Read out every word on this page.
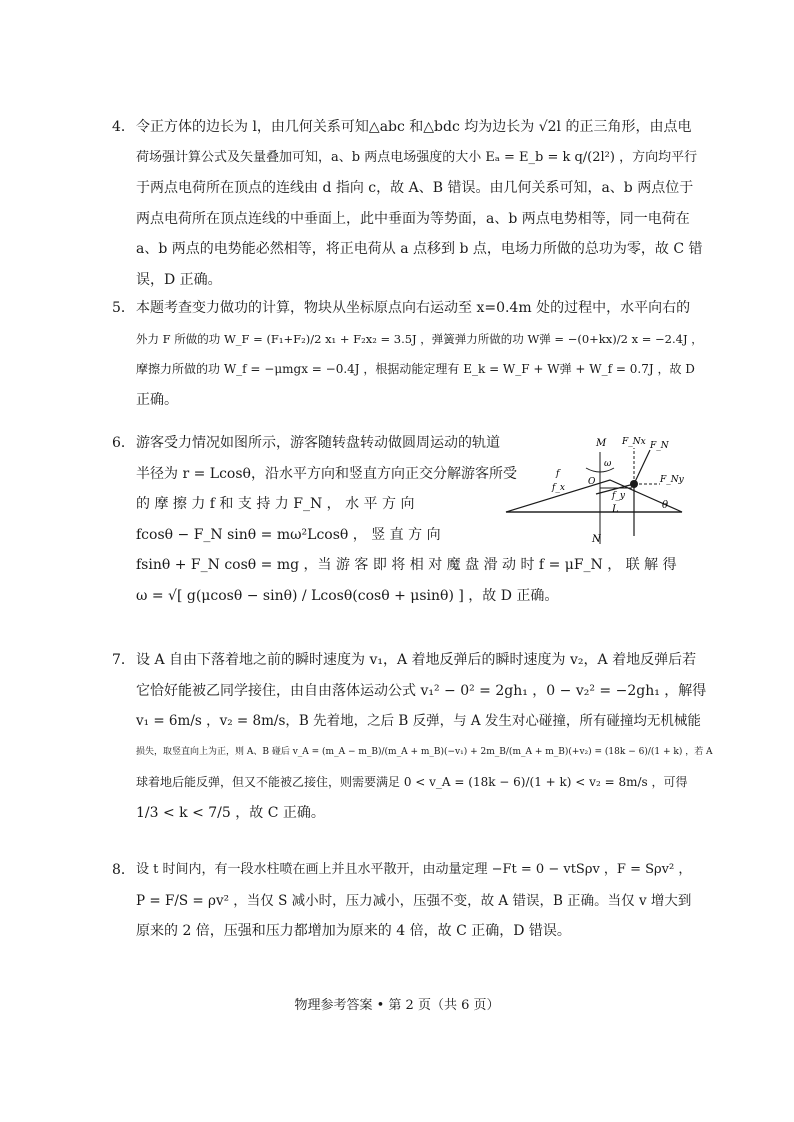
4． 令正方体的边长为 l，由几何关系可知△abc 和△bdc 均为边长为 √2l 的正三角形，由点电
荷场强计算公式及矢量叠加可知，a、b 两点电场强度的大小 Eₐ = E_b = k q/(2l²) ，方向均平行
于两点电荷所在顶点的连线由 d 指向 c，故 A、B 错误。由几何关系可知，a、b 两点位于
两点电荷所在顶点连线的中垂面上，此中垂面为等势面，a、b 两点电势相等，同一电荷在
a、b 两点的电势能必然相等，将正电荷从 a 点移到 b 点，电场力所做的总功为零，故 C 错
误，D 正确。
5． 本题考查变力做功的计算，物块从坐标原点向右运动至 x=0.4m 处的过程中，水平向右的
外力 F 所做的功 W_F = (F₁+F₂)/2 x₁ + F₂x₂ = 3.5J ，弹簧弹力所做的功 W弹 = −(0+kx)/2 x = −2.4J ，
摩擦力所做的功 W_f = −μmgx = −0.4J ，根据动能定理有 E_k = W_F + W弹 + W_f = 0.7J ，故 D
正确。
6． 游客受力情况如图所示，游客随转盘转动做圆周运动的轨道
半径为 r = Lcosθ，沿水平方向和竖直方向正交分解游客所受
的 摩 擦 力 f 和 支 持 力 F_N ， 水 平 方 向
fcosθ − F_N sinθ = mω²Lcosθ ， 竖 直 方 向
fsinθ + F_N cosθ = mg ，当 游 客 即 将 相 对 魔 盘 滑 动 时 f = μF_N ， 联 解 得
ω = √[ g(μcosθ − sinθ) / Lcosθ(cosθ + μsinθ) ] ，故 D 正确。
M F_Nx F_N
f
f_x
O
ω
f_y
L
F_Ny
θ
N
7． 设 A 自由下落着地之前的瞬时速度为 v₁，A 着地反弹后的瞬时速度为 v₂，A 着地反弹后若
它恰好能被乙同学接住，由自由落体运动公式 v₁² − 0² = 2gh₁ ，0 − v₂² = −2gh₁ ，解得
v₁ = 6m/s ，v₂ = 8m/s，B 先着地，之后 B 反弹，与 A 发生对心碰撞，所有碰撞均无机械能
损失，取竖直向上为正，则 A、B 碰后 v_A = (m_A − m_B)/(m_A + m_B)(−v₁) + 2m_B/(m_A + m_B)(+v₂) = (18k − 6)/(1 + k) ，若 A
球着地后能反弹，但又不能被乙接住，则需要满足 0 < v_A = (18k − 6)/(1 + k) < v₂ = 8m/s ，可得
1/3 < k < 7/5 ，故 C 正确。
8． 设 t 时间内，有一段水柱喷在画上并且水平散开，由动量定理 −Ft = 0 − vtSρv ，F = Sρv² ，
P = F/S = ρv² ，当仅 S 减小时，压力减小，压强不变，故 A 错误，B 正确。当仅 v 增大到
原来的 2 倍，压强和压力都增加为原来的 4 倍，故 C 正确，D 错误。
物理参考答案 • 第 2 页（共 6 页）
